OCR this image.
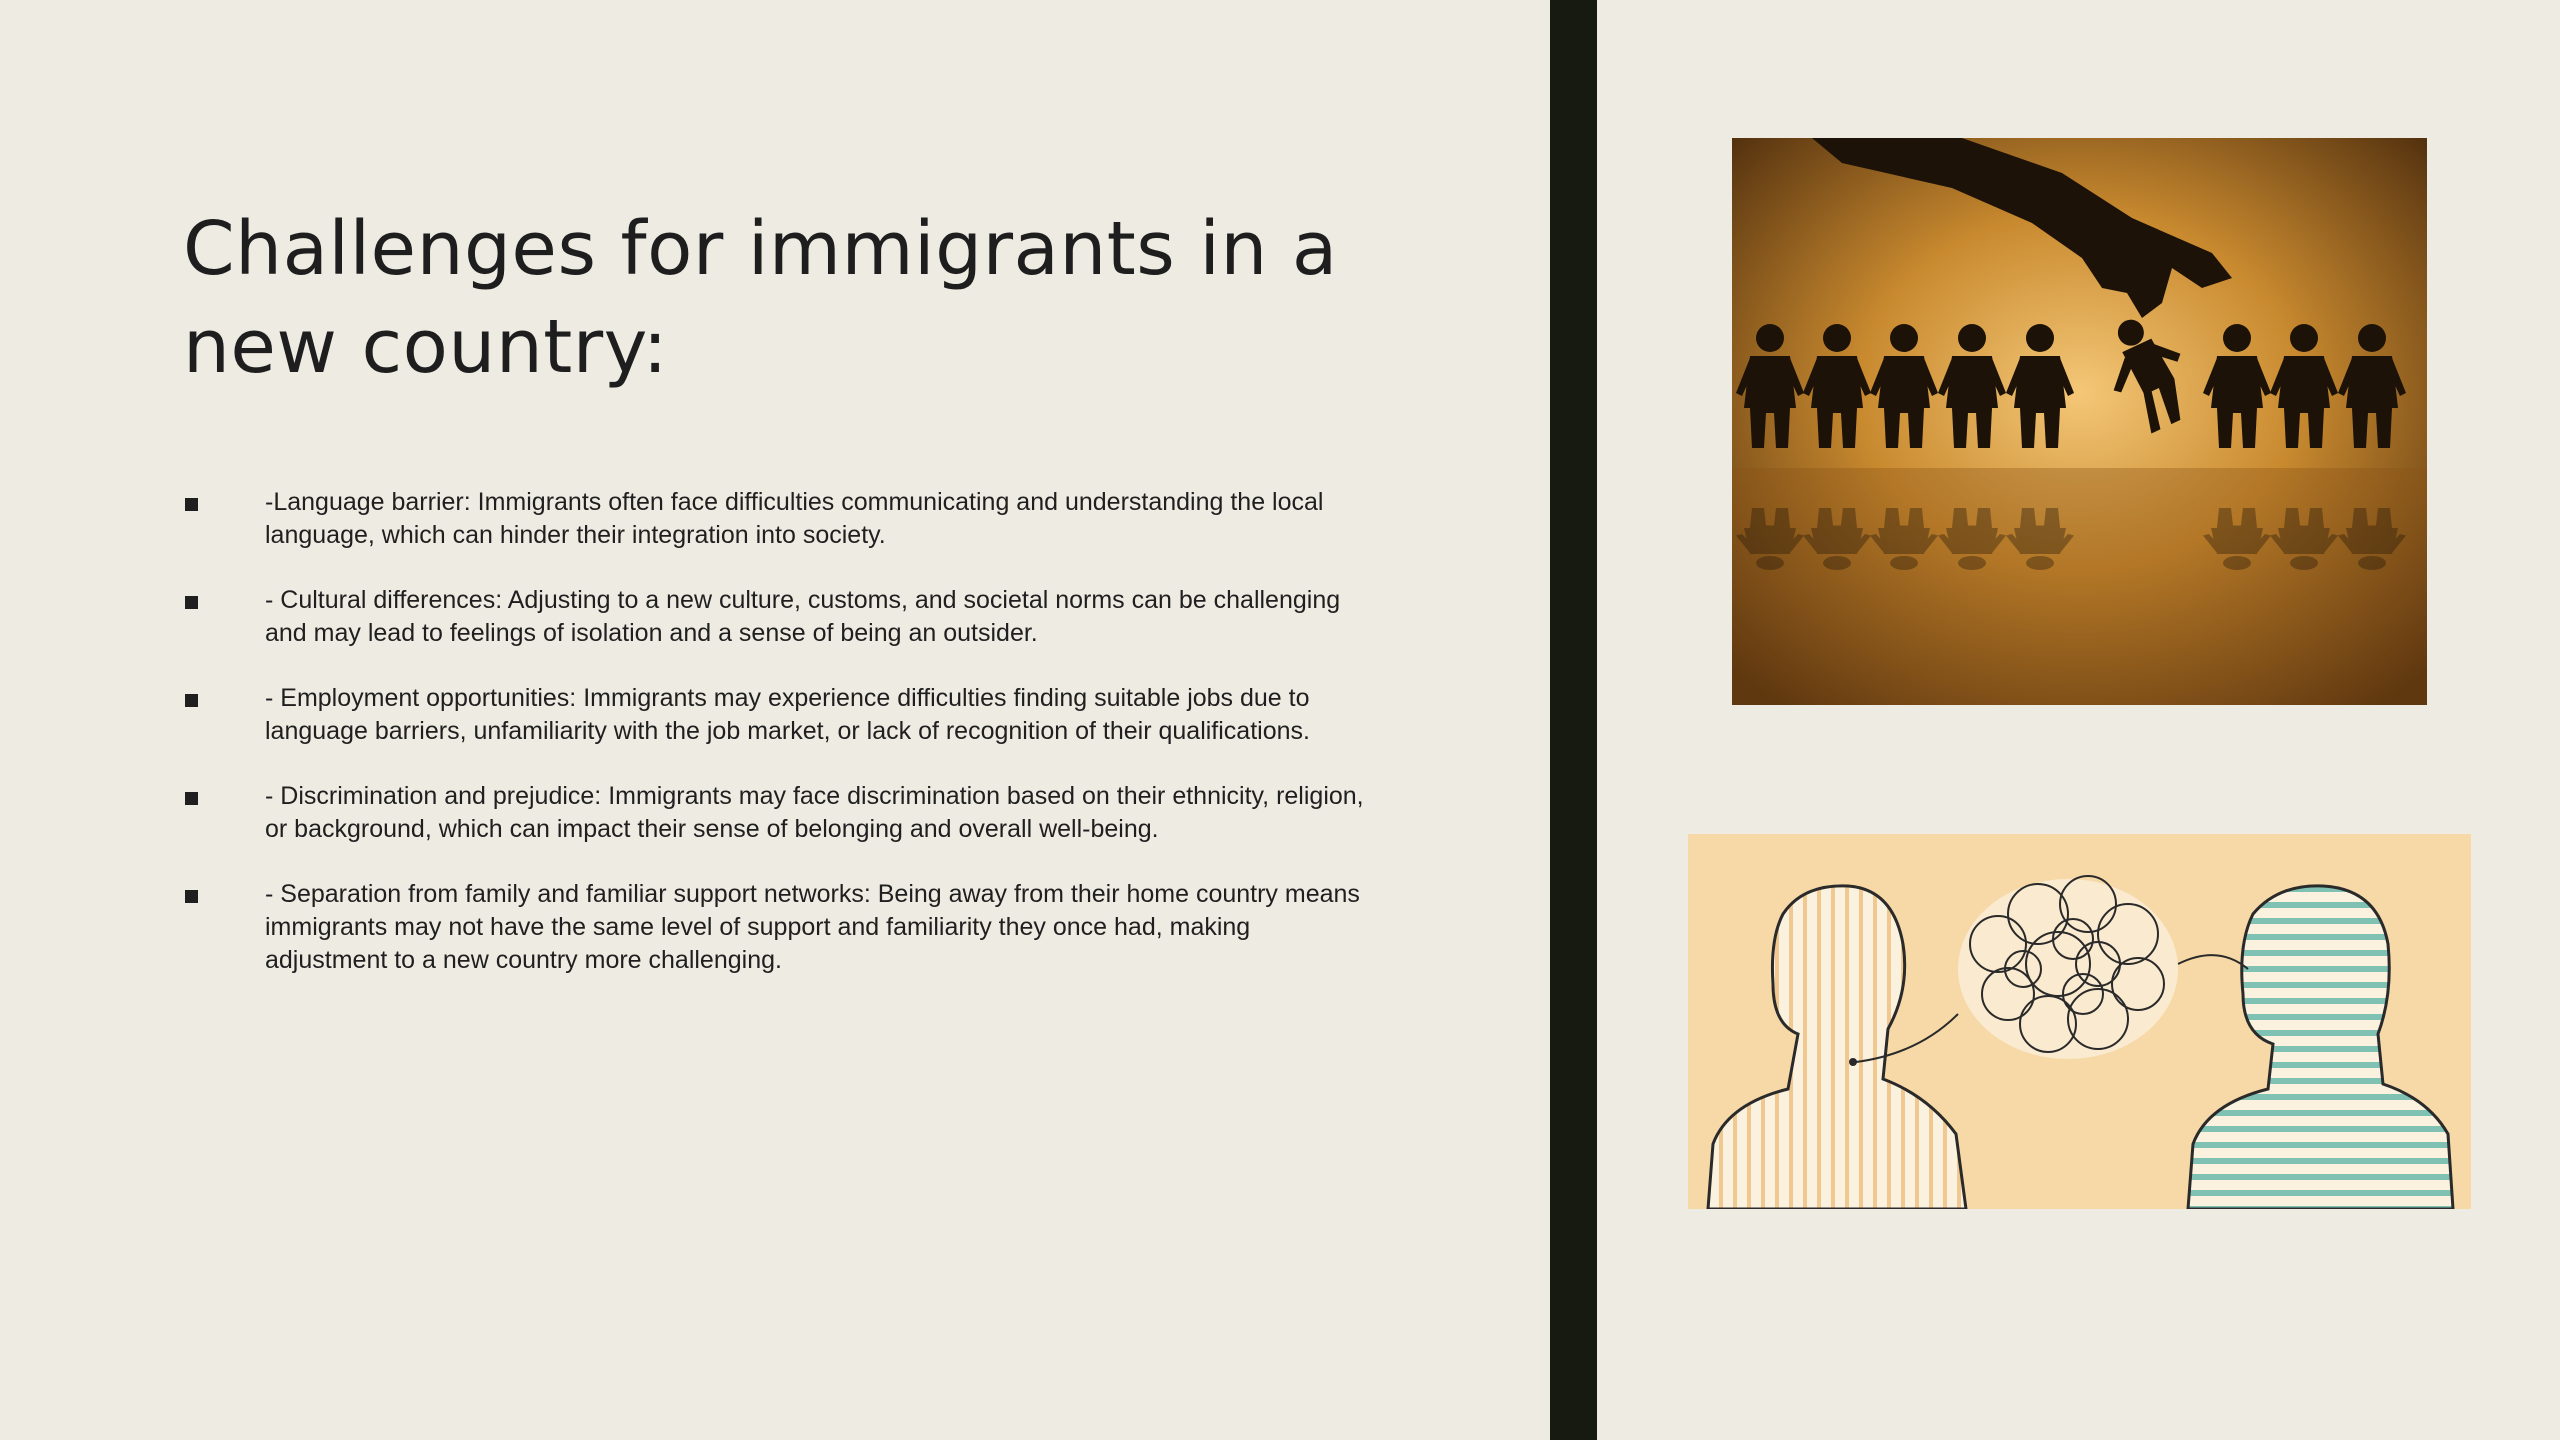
Challenges for immigrants in a
new country:
-Language barrier: Immigrants often face difficulties communicating and understanding the local language, which can hinder their integration into society.
- Cultural differences: Adjusting to a new culture, customs, and societal norms can be challenging and may lead to feelings of isolation and a sense of being an outsider.
- Employment opportunities: Immigrants may experience difficulties finding suitable jobs due to language barriers, unfamiliarity with the job market, or lack of recognition of their qualifications.
- Discrimination and prejudice: Immigrants may face discrimination based on their ethnicity, religion, or background, which can impact their sense of belonging and overall well-being.
- Separation from family and familiar support networks: Being away from their home country means immigrants may not have the same level of support and familiarity they once had, making adjustment to a new country more challenging.
